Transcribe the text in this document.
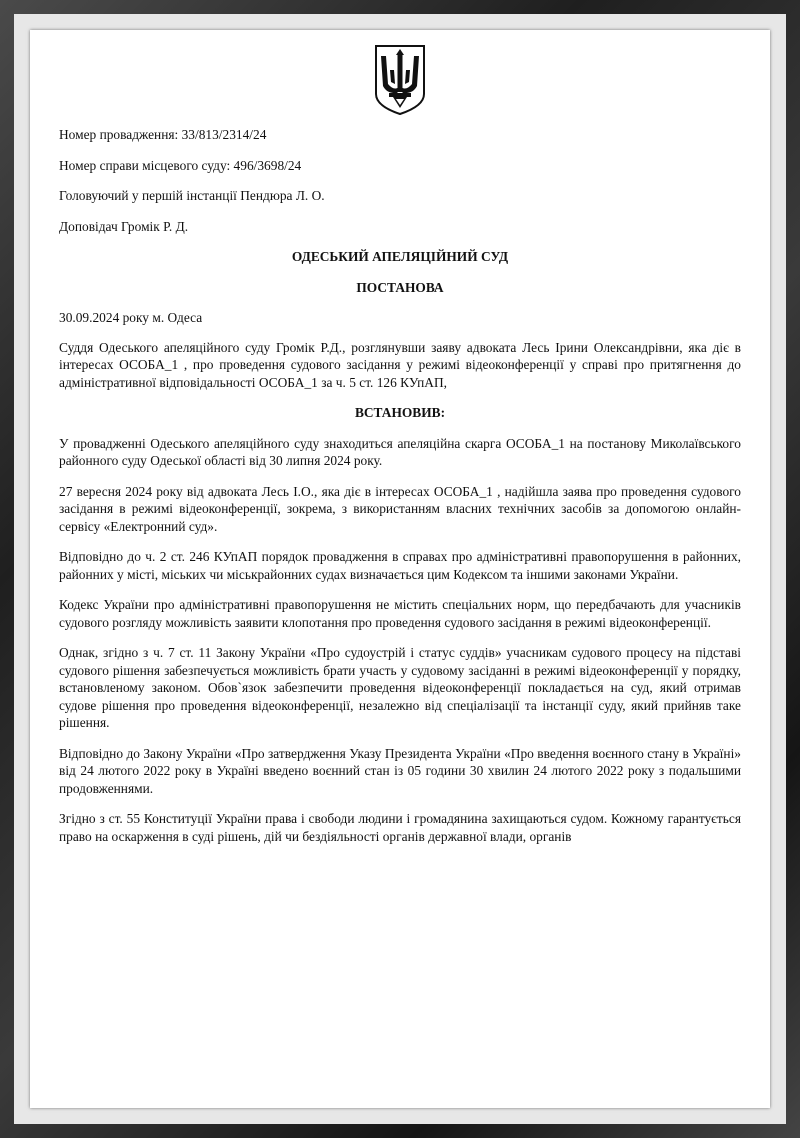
Номер провадження: 33/813/2314/24
Номер справи місцевого суду: 496/3698/24
Головуючий у першій інстанції Пендюра Л. О.
Доповідач Громік Р. Д.
ОДЕСЬКИЙ АПЕЛЯЦІЙНИЙ СУД
ПОСТАНОВА
30.09.2024 року м. Одеса
Суддя Одеського апеляційного суду Громік Р.Д., розглянувши заяву адвоката Лесь Ірини Олександрівни, яка діє в інтересах ОСОБА_1 , про проведення судового засідання у режимі відеоконференції у справі про притягнення до адміністративної відповідальності ОСОБА_1 за ч. 5 ст. 126 КУпАП,
ВСТАНОВИВ:
У провадженні Одеського апеляційного суду знаходиться апеляційна скарга ОСОБА_1 на постанову Миколаївського районного суду Одеської області від 30 липня 2024 року.
27 вересня 2024 року від адвоката Лесь І.О., яка діє в інтересах ОСОБА_1 , надійшла заява про проведення судового засідання в режимі відеоконференції, зокрема, з використанням власних технічних засобів за допомогою онлайн-сервісу «Електронний суд».
Відповідно до ч. 2 ст. 246 КУпАП порядок провадження в справах про адміністративні правопорушення в районних, районних у місті, міських чи міськрайонних судах визначається цим Кодексом та іншими законами України.
Кодекс України про адміністративні правопорушення не містить спеціальних норм, що передбачають для учасників судового розгляду можливість заявити клопотання про проведення судового засідання в режимі відеоконференції.
Однак, згідно з ч. 7 ст. 11 Закону України «Про судоустрій і статус суддів» учасникам судового процесу на підставі судового рішення забезпечується можливість брати участь у судовому засіданні в режимі відеоконференції у порядку, встановленому законом. Обов`язок забезпечити проведення відеоконференції покладається на суд, який отримав судове рішення про проведення відеоконференції, незалежно від спеціалізації та інстанції суду, який прийняв таке рішення.
Відповідно до Закону України «Про затвердження Указу Президента України «Про введення воєнного стану в Україні» від 24 лютого 2022 року в Україні введено воєнний стан із 05 години 30 хвилин 24 лютого 2022 року з подальшими продовженнями.
Згідно з ст. 55 Конституції України права і свободи людини і громадянина захищаються судом. Кожному гарантується право на оскарження в суді рішень, дій чи бездіяльності органів державної влади, органів
